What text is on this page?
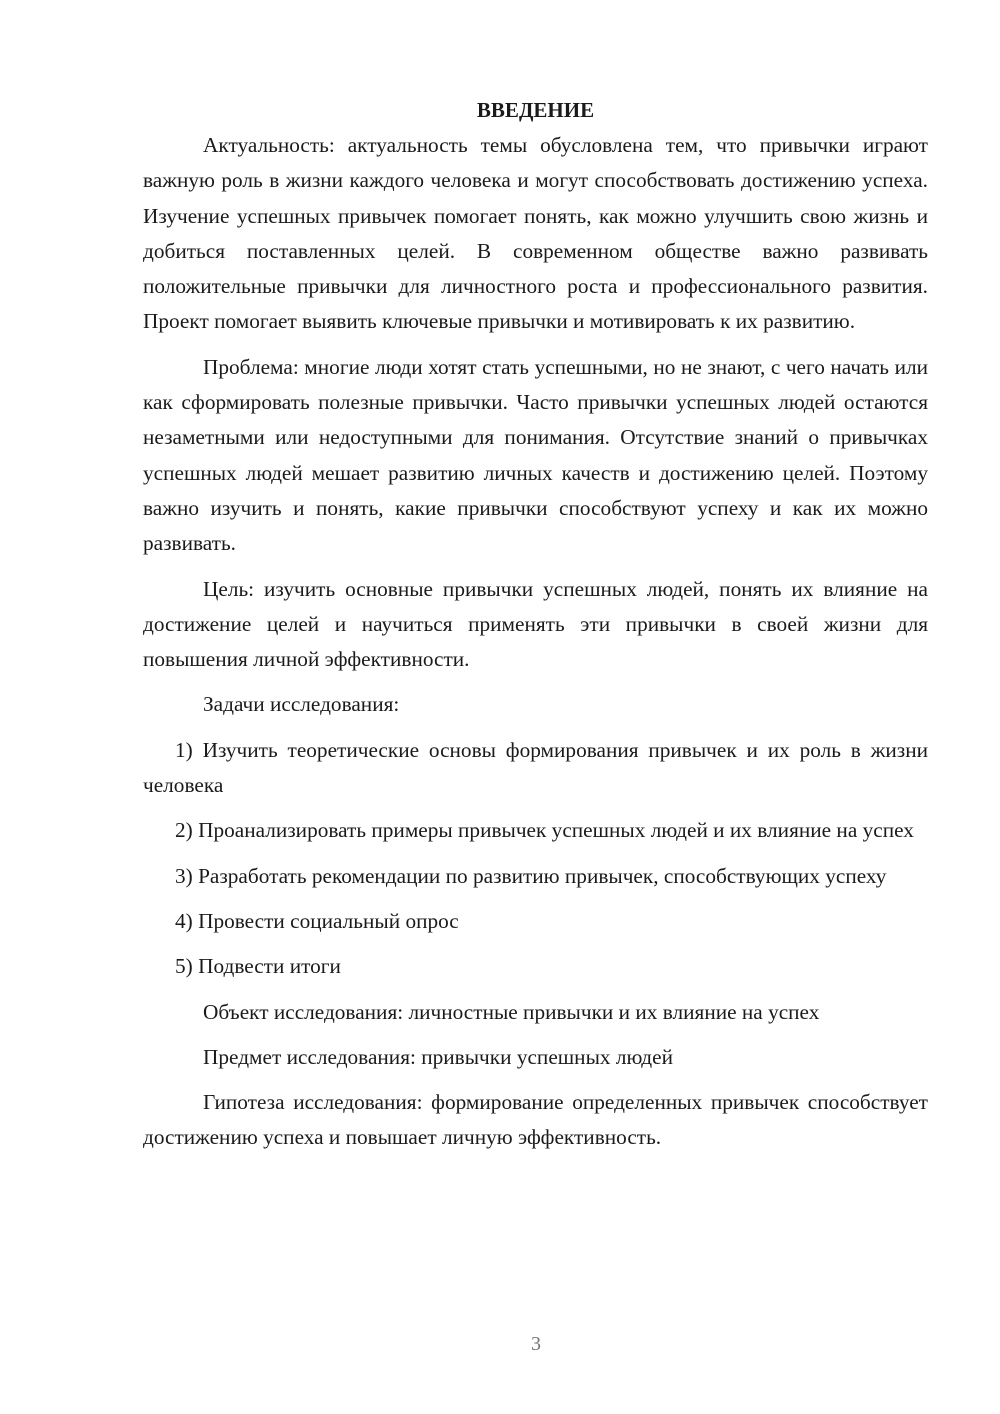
ВВЕДЕНИЕ

Актуальность: актуальность темы обусловлена тем, что привычки играют важную роль в жизни каждого человека и могут способствовать достижению успеха. Изучение успешных привычек помогает понять, как можно улучшить свою жизнь и добиться поставленных целей. В современном обществе важно развивать положительные привычки для личностного роста и профессионального развития. Проект помогает выявить ключевые привычки и мотивировать к их развитию.

Проблема: многие люди хотят стать успешными, но не знают, с чего начать или как сформировать полезные привычки. Часто привычки успешных людей остаются незаметными или недоступными для понимания. Отсутствие знаний о привычках успешных людей мешает развитию личных качеств и достижению целей. Поэтому важно изучить и понять, какие привычки способствуют успеху и как их можно развивать.

Цель: изучить основные привычки успешных людей, понять их влияние на достижение целей и научиться применять эти привычки в своей жизни для повышения личной эффективности.

Задачи исследования:

1) Изучить теоретические основы формирования привычек и их роль в жизни человека

2) Проанализировать примеры привычек успешных людей и их влияние на успех

3) Разработать рекомендации по развитию привычек, способствующих успеху

4) Провести социальный опрос

5) Подвести итоги

Объект исследования: личностные привычки и их влияние на успех

Предмет исследования: привычки успешных людей

Гипотеза исследования: формирование определенных привычек способствует достижению успеха и повышает личную эффективность.

3
